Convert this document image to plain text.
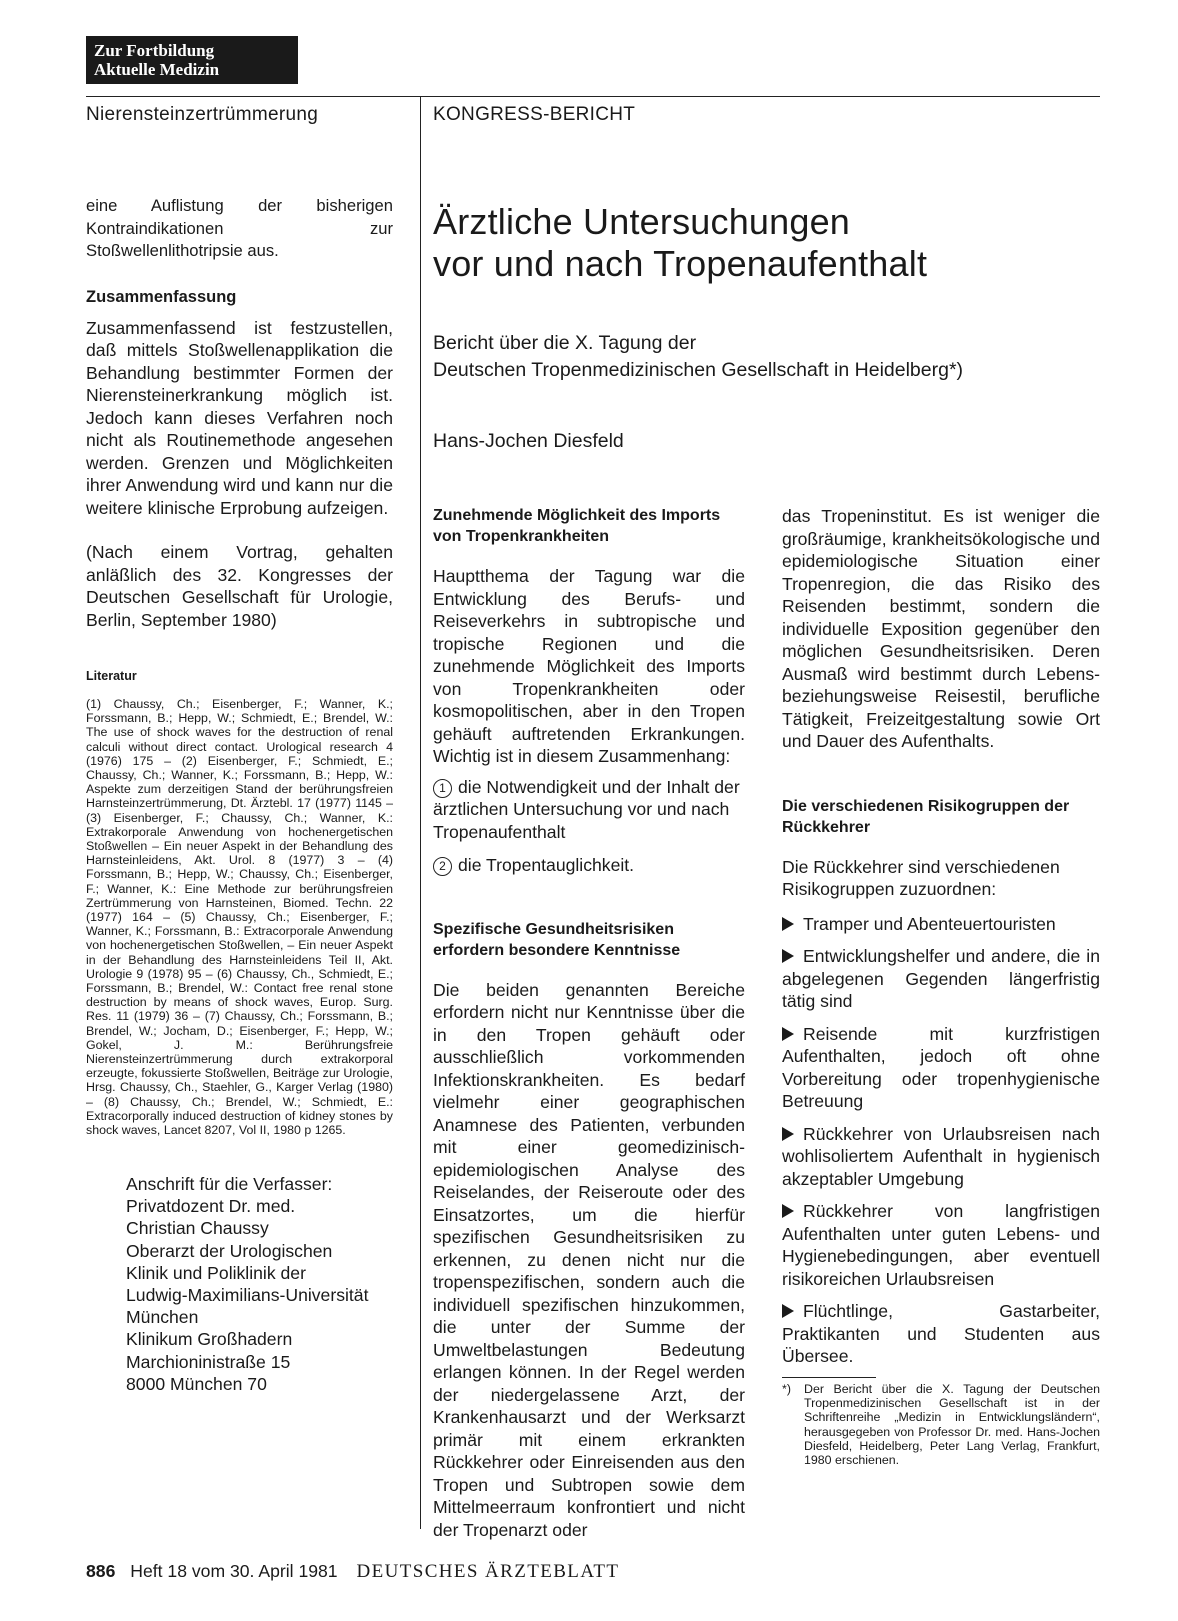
Zur Fortbildung
Aktuelle Medizin
Nierensteinzertrümmerung	KONGRESS-BERICHT

eine Auflistung der bisherigen Kontraindikationen zur Stoßwellenlithotripsie aus.

Zusammenfassung

Zusammenfassend ist festzustellen, daß mittels Stoßwellenapplikation die Behandlung bestimmter Formen der Nierensteinerkrankung möglich ist. Jedoch kann dieses Verfahren noch nicht als Routinemethode angesehen werden. Grenzen und Möglichkeiten ihrer Anwendung wird und kann nur die weitere klinische Erprobung aufzeigen.

(Nach einem Vortrag, gehalten anläßlich des 32. Kongresses der Deutschen Gesellschaft für Urologie, Berlin, September 1980)

Literatur

(1) Chaussy, Ch.; Eisenberger, F.; Wanner, K.; Forssmann, B.; Hepp, W.; Schmiedt, E.; Brendel, W.: The use of shock waves for the destruction of renal calculi without direct contact. Urological research 4 (1976) 175 – (2) Eisenberger, F.; Schmiedt, E.; Chaussy, Ch.; Wanner, K.; Forssmann, B.; Hepp, W.: Aspekte zum derzeitigen Stand der berührungsfreien Harnsteinzertrümmerung, Dt. Ärztebl. 17 (1977) 1145 – (3) Eisenberger, F.; Chaussy, Ch.; Wanner, K.: Extrakorporale Anwendung von hochenergetischen Stoßwellen – Ein neuer Aspekt in der Behandlung des Harnsteinleidens, Akt. Urol. 8 (1977) 3 – (4) Forssmann, B.; Hepp, W.; Chaussy, Ch.; Eisenberger, F.; Wanner, K.: Eine Methode zur berührungsfreien Zertrümmerung von Harnsteinen, Biomed. Techn. 22 (1977) 164 – (5) Chaussy, Ch.; Eisenberger, F.; Wanner, K.; Forssmann, B.: Extracorporale Anwendung von hochenergetischen Stoßwellen, – Ein neuer Aspekt in der Behandlung des Harnsteinleidens Teil II, Akt. Urologie 9 (1978) 95 – (6) Chaussy, Ch., Schmiedt, E.; Forssmann, B.; Brendel, W.: Contact free renal stone destruction by means of shock waves, Europ. Surg. Res. 11 (1979) 36 – (7) Chaussy, Ch.; Forssmann, B.; Brendel, W.; Jocham, D.; Eisenberger, F.; Hepp, W.; Gokel, J. M.: Berührungsfreie Nierensteinzertrümmerung durch extrakorporal erzeugte, fokussierte Stoßwellen, Beiträge zur Urologie, Hrsg. Chaussy, Ch., Staehler, G., Karger Verlag (1980) – (8) Chaussy, Ch.; Brendel, W.; Schmiedt, E.: Extracorporally induced destruction of kidney stones by shock waves, Lancet 8207, Vol II, 1980 p 1265.

Anschrift für die Verfasser:
Privatdozent Dr. med.
Christian Chaussy
Oberarzt der Urologischen
Klinik und Poliklinik der
Ludwig-Maximilians-Universität
München
Klinikum Großhadern
Marchioninistraße 15
8000 München 70
Ärztliche Untersuchungen
vor und nach Tropenaufenthalt
Bericht über die X. Tagung der
Deutschen Tropenmedizinischen Gesellschaft in Heidelberg*)
Hans-Jochen Diesfeld

Zunehmende Möglichkeit des Imports von Tropenkrankheiten

Hauptthema der Tagung war die Entwicklung des Berufs- und Reiseverkehrs in subtropische und tropische Regionen und die zunehmende Möglichkeit des Imports von Tropenkrankheiten oder kosmopolitischen, aber in den Tropen gehäuft auftretenden Erkrankungen. Wichtig ist in diesem Zusammenhang:

1 die Notwendigkeit und der Inhalt der ärztlichen Untersuchung vor und nach Tropenaufenthalt

2 die Tropentauglichkeit.

Spezifische Gesundheitsrisiken erfordern besondere Kenntnisse

Die beiden genannten Bereiche erfordern nicht nur Kenntnisse über die in den Tropen gehäuft oder ausschließlich vorkommenden Infektionskrankheiten. Es bedarf vielmehr einer geographischen Anamnese des Patienten, verbunden mit einer geomedizinisch-epidemiologischen Analyse des Reiselandes, der Reiseroute oder des Einsatzortes, um die hierfür spezifischen Gesundheitsrisiken zu erkennen, zu denen nicht nur die tropenspezifischen, sondern auch die individuell spezifischen hinzukommen, die unter der Summe der Umweltbelastungen Bedeutung erlangen können. In der Regel werden der niedergelassene Arzt, der Krankenhausarzt und der Werksarzt primär mit einem erkrankten Rückkehrer oder Einreisenden aus den Tropen und Subtropen sowie dem Mittelmeerraum konfrontiert und nicht der Tropenarzt oder

das Tropeninstitut. Es ist weniger die großräumige, krankheitsökologische und epidemiologische Situation einer Tropenregion, die das Risiko des Reisenden bestimmt, sondern die individuelle Exposition gegenüber den möglichen Gesundheitsrisiken. Deren Ausmaß wird bestimmt durch Lebens- beziehungsweise Reisestil, berufliche Tätigkeit, Freizeitgestaltung sowie Ort und Dauer des Aufenthalts.

Die verschiedenen Risikogruppen der Rückkehrer

Die Rückkehrer sind verschiedenen Risikogruppen zuzuordnen:

Tramper und Abenteuertouristen

Entwicklungshelfer und andere, die in abgelegenen Gegenden längerfristig tätig sind

Reisende mit kurzfristigen Aufenthalten, jedoch oft ohne Vorbereitung oder tropenhygienische Betreuung

Rückkehrer von Urlaubsreisen nach wohlisoliertem Aufenthalt in hygienisch akzeptabler Umgebung

Rückkehrer von langfristigen Aufenthalten unter guten Lebens- und Hygienebedingungen, aber eventuell risikoreichen Urlaubsreisen

Flüchtlinge, Gastarbeiter, Praktikanten und Studenten aus Übersee.

*)	Der Bericht über die X. Tagung der Deutschen Tropenmedizinischen Gesellschaft ist in der Schriftenreihe „Medizin in Entwicklungsländern“, herausgegeben von Professor Dr. med. Hans-Jochen Diesfeld, Heidelberg, Peter Lang Verlag, Frankfurt, 1980 erschienen.
886 Heft 18 vom 30. April 1981 DEUTSCHES ÄRZTEBLATT
